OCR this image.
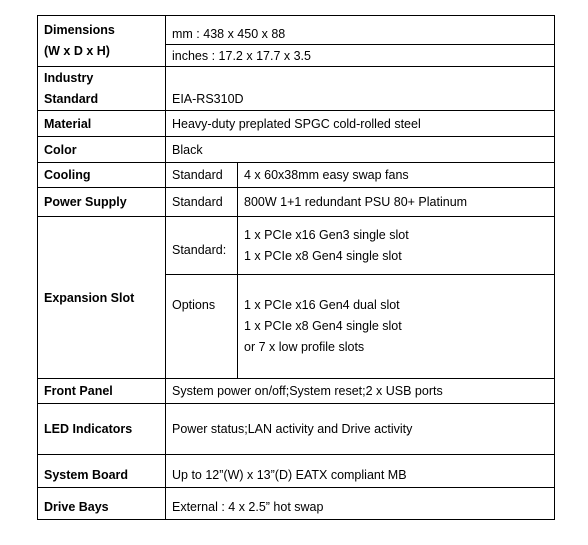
Dimensions
(W x D x H)	mm : 438 x 450 x 88	
	inches : 17.2 x 17.7 x 3.5	

Industry
Standard	EIA-RS310D	
Material	Heavy-duty preplated SPGC cold-rolled steel	
Color	Black	
Cooling	Standard	4 x 60x38mm easy swap fans
Power Supply	Standard	800W 1+1 redundant PSU 80+ Platinum
Expansion Slot	Standard:	1 x PCIe x16 Gen3 single slot
1 x PCIe x8 Gen4 single slot

	Options	1 x PCIe x16 Gen4 dual slot
1 x PCIe x8 Gen4 single slot
or 7 x low profile slots

Front Panel	System power on/off;System reset;2 x USB ports	
LED Indicators	Power status;LAN activity and Drive activity	
System Board	Up to 12”(W) x 13”(D) EATX compliant MB	
Drive Bays	External : 4 x 2.5” hot swap	
